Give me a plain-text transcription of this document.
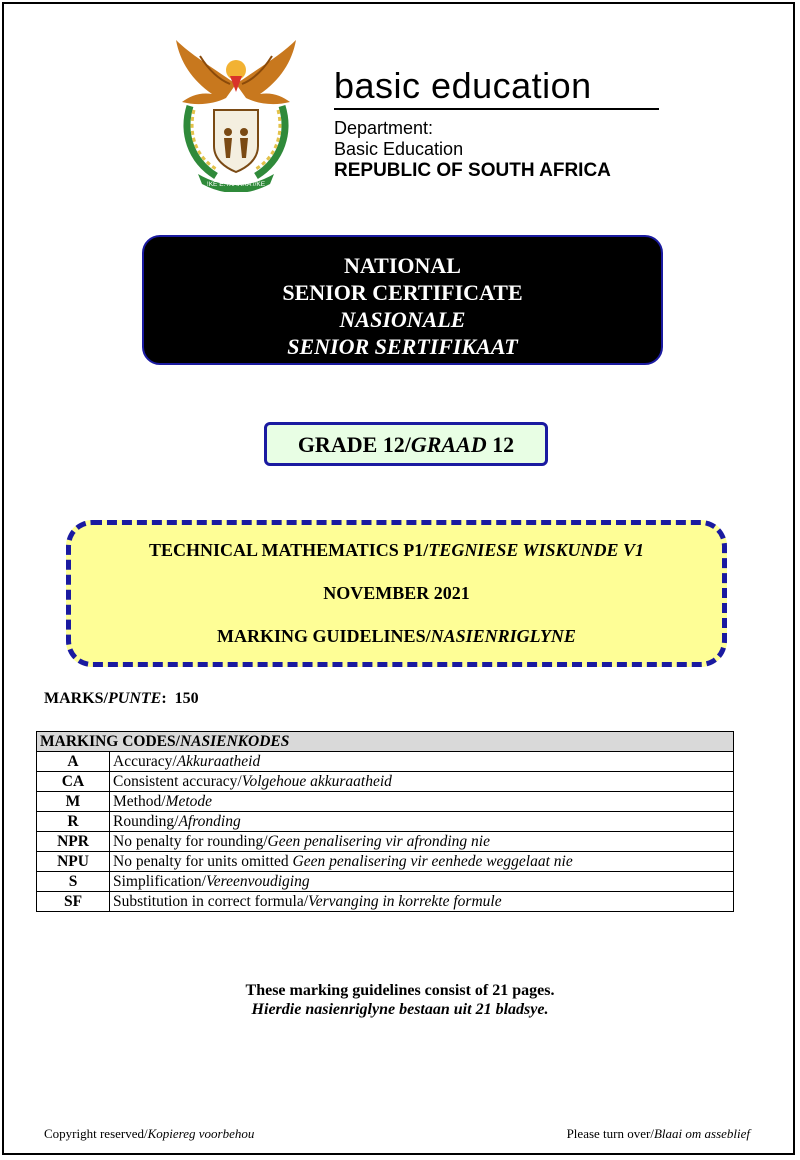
!KE E: /XARRA //KE
basic education
Department:
Basic Education
REPUBLIC OF SOUTH AFRICA
NATIONAL
SENIOR CERTIFICATE
NASIONALE
SENIOR SERTIFIKAAT
GRADE 12/GRAAD 12
TECHNICAL MATHEMATICS P1/TEGNIESE WISKUNDE V1
NOVEMBER 2021
MARKING GUIDELINES/NASIENRIGLYNE
MARKS/PUNTE:  150
MARKING CODES/NASIENKODES	
A	Accuracy/Akkuraatheid
CA	Consistent accuracy/Volgehoue akkuraatheid
M	Method/Metode
R	Rounding/Afronding
NPR	No penalty for rounding/Geen penalisering vir afronding nie
NPU	No penalty for units omitted Geen penalisering vir eenhede weggelaat nie
S	Simplification/Vereenvoudiging
SF	Substitution in correct formula/Vervanging in korrekte formule
These marking guidelines consist of 21 pages.
Hierdie nasienriglyne bestaan uit 21 bladsye.
Copyright reserved/Kopiereg voorbehou	Please turn over/Blaai om asseblief
